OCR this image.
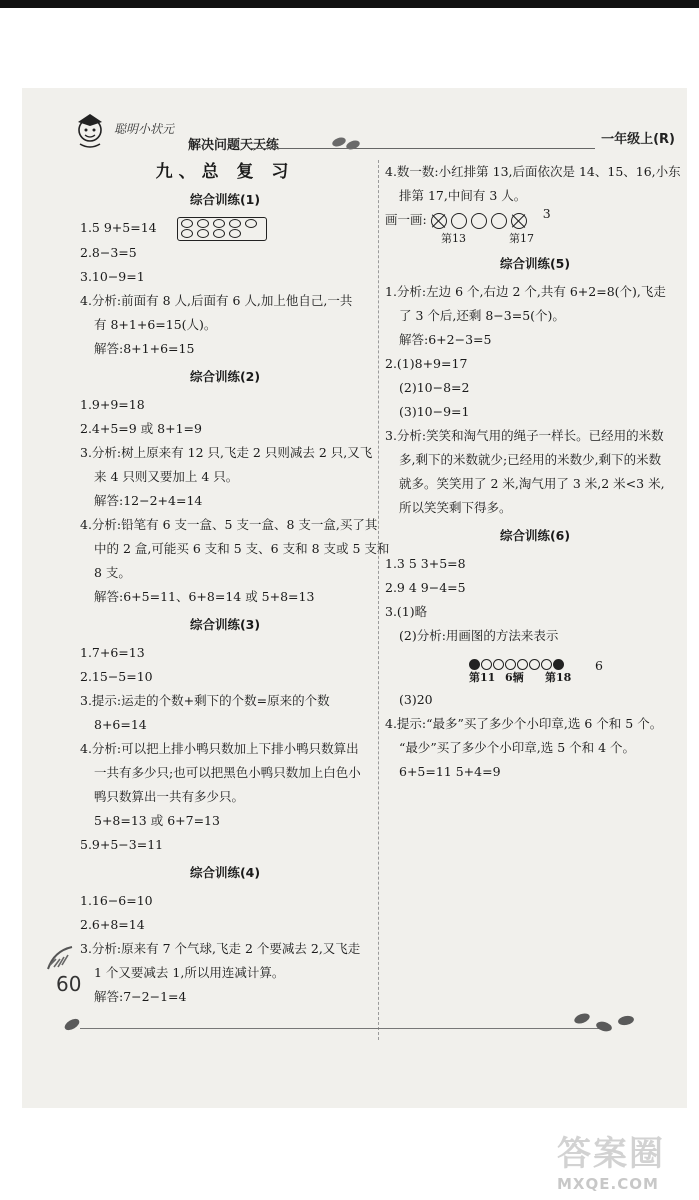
聪明小状元
解决问题天天练	一年级上(R)
九、总 复 习
综合训练(1)
1.5 9+5=14
2.8−3=5
3.10−9=1
4.分析:前面有 8 人,后面有 6 人,加上他自己,一共
有 8+1+6=15(人)。
解答:8+1+6=15
综合训练(2)
1.9+9=18
2.4+5=9 或 8+1=9
3.分析:树上原来有 12 只,飞走 2 只则减去 2 只,又飞
来 4 只则又要加上 4 只。
解答:12−2+4=14
4.分析:铅笔有 6 支一盒、5 支一盒、8 支一盒,买了其
中的 2 盒,可能买 6 支和 5 支、6 支和 8 支或 5 支和
8 支。
解答:6+5=11、6+8=14 或 5+8=13
综合训练(3)
1.7+6=13
2.15−5=10
3.提示:运走的个数+剩下的个数=原来的个数
8+6=14
4.分析:可以把上排小鸭只数加上下排小鸭只数算出
一共有多少只;也可以把黑色小鸭只数加上白色小
鸭只数算出一共有多少只。
5+8=13 或 6+7=13
5.9+5−3=11
综合训练(4)
1.16−6=10
2.6+8=14
3.分析:原来有 7 个气球,飞走 2 个要减去 2,又飞走
1 个又要减去 1,所以用连减计算。
解答:7−2−1=4
4.数一数:小红排第 13,后面依次是 14、15、16,小东
排第 17,中间有 3 人。
画一画:	3
第13	第17
综合训练(5)
1.分析:左边 6 个,右边 2 个,共有 6+2=8(个),飞走
了 3 个后,还剩 8−3=5(个)。
解答:6+2−3=5
2.(1)8+9=17
(2)10−8=2
(3)10−9=1
3.分析:笑笑和淘气用的绳子一样长。已经用的米数
多,剩下的米数就少;已经用的米数少,剩下的米数
就多。笑笑用了 2 米,淘气用了 3 米,2 米<3 米,
所以笑笑剩下得多。
综合训练(6)
1.3 5 3+5=8
2.9 4 9−4=5
3.(1)略
(2)分析:用画图的方法来表示
6
第11 6辆 第18
(3)20
4.提示:“最多”买了多少个小印章,选 6 个和 5 个。
“最少”买了多少个小印章,选 5 个和 4 个。
6+5=11 5+4=9
60
答案圈
MXQE.COM
